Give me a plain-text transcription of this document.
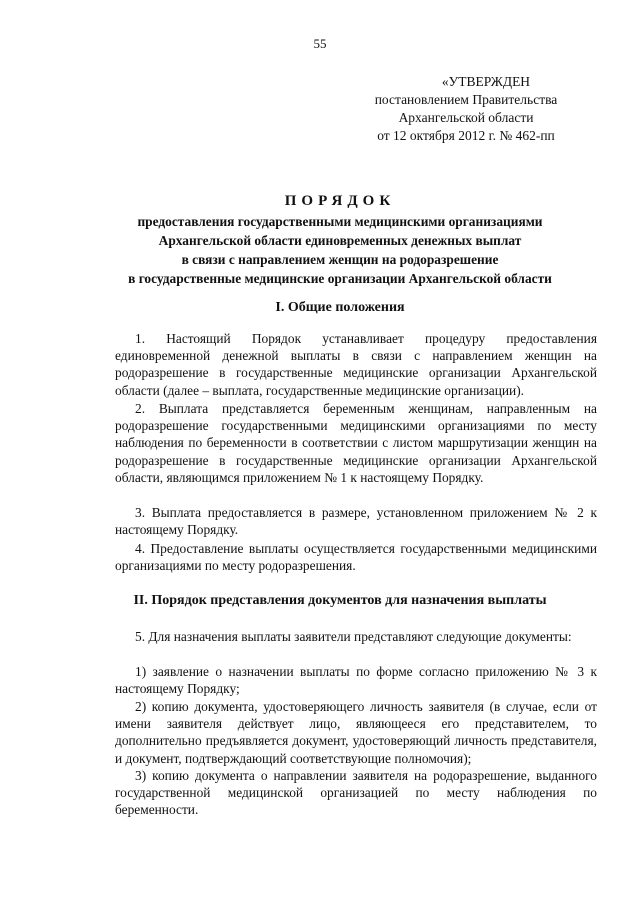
55
«УТВЕРЖДЕН
постановлением Правительства
Архангельской области
от 12 октября 2012 г. № 462-пп
ПОРЯДОК
предоставления государственными медицинскими организациями
Архангельской области единовременных денежных выплат
в связи с направлением женщин на родоразрешение
в государственные медицинские организации Архангельской области
I. Общие положения
1. Настоящий Порядок устанавливает процедуру предоставления единовременной денежной выплаты в связи с направлением женщин на родоразрешение в государственные медицинские организации Архангельской области (далее – выплата, государственные медицинские организации).
2. Выплата представляется беременным женщинам, направленным на родоразрешение государственными медицинскими организациями по месту наблюдения по беременности в соответствии с листом маршрутизации женщин на родоразрешение в государственные медицинские организации Архангельской области, являющимся приложением № 1 к настоящему Порядку.
3. Выплата предоставляется в размере, установленном приложением № 2 к настоящему Порядку.
4. Предоставление выплаты осуществляется государственными медицинскими организациями по месту родоразрешения.
II. Порядок представления документов для назначения выплаты
5. Для назначения выплаты заявители представляют следующие документы:
1) заявление о назначении выплаты по форме согласно приложению № 3 к настоящему Порядку;
2) копию документа, удостоверяющего личность заявителя (в случае, если от имени заявителя действует лицо, являющееся его представителем, то дополнительно предъявляется документ, удостоверяющий личность представителя, и документ, подтверждающий соответствующие полномочия);
3) копию документа о направлении заявителя на родоразрешение, выданного государственной медицинской организацией по месту наблюдения по беременности.
